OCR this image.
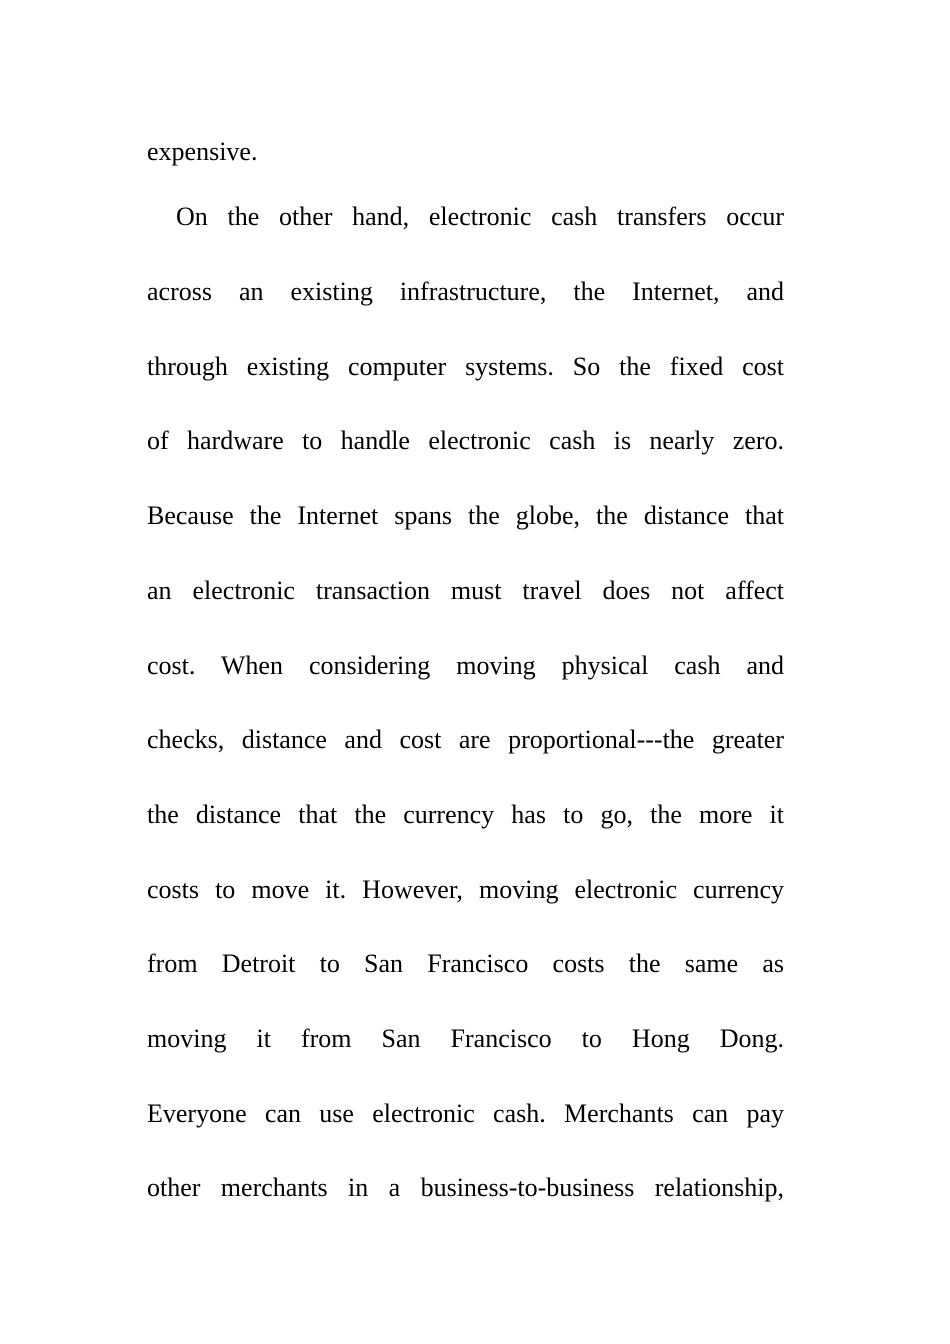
expensive.
On the other hand, electronic cash transfers occur
across an existing infrastructure, the Internet, and
through existing computer systems. So the fixed cost
of hardware to handle electronic cash is nearly zero.
Because the Internet spans the globe, the distance that
an electronic transaction must travel does not affect
cost. When considering moving physical cash and
checks, distance and cost are proportional---the greater
the distance that the currency has to go, the more it
costs to move it. However, moving electronic currency
from Detroit to San Francisco costs the same as
moving it from San Francisco to Hong Dong.
Everyone can use electronic cash. Merchants can pay
other merchants in a business-to-business relationship,
